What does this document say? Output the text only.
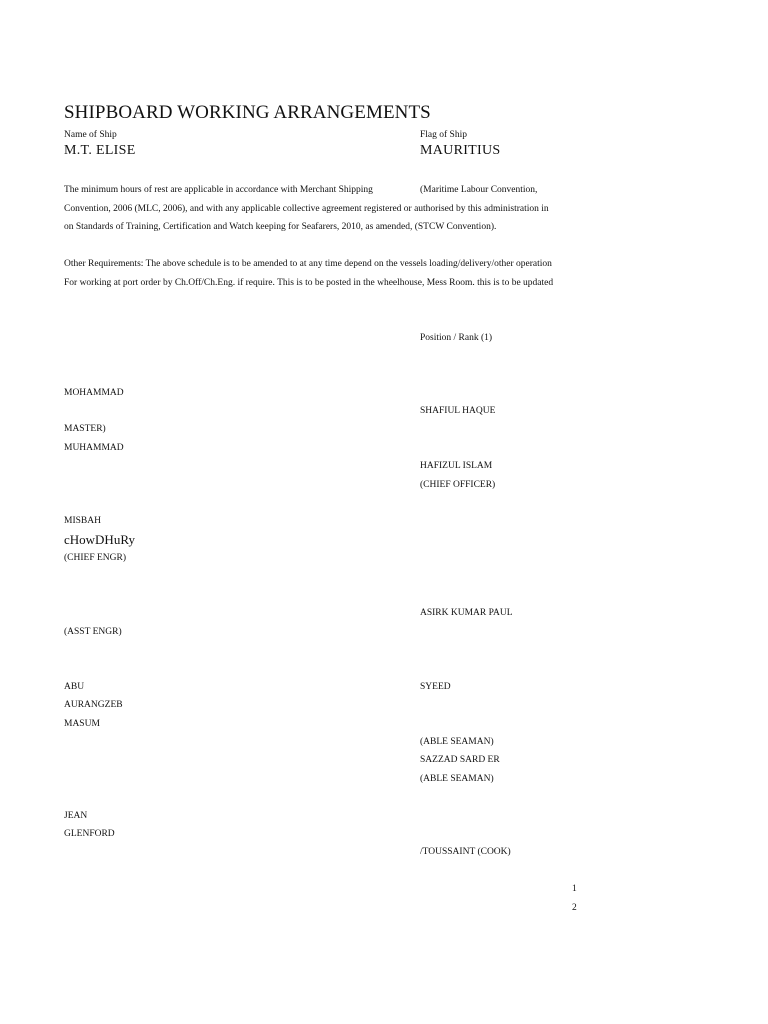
SHIPBOARD WORKING ARRANGEMENTS
Name of Ship
M.T. ELISE
Flag of Ship
MAURITIUS
The minimum hours of rest are applicable in accordance with Merchant Shipping	(Maritime Labour Convention,
Convention, 2006 (MLC, 2006), and with any applicable collective agreement registered or authorised by this administration in
on Standards of Training, Certification and Watch keeping for Seafarers, 2010, as amended, (STCW Convention).
Other Requirements: The above schedule is to be amended to at any time depend on the vessels loading/delivery/other operation
For working at port order by Ch.Off/Ch.Eng. if require. This is to be posted in the wheelhouse, Mess Room. this is to be updated
Position / Rank (1)
MOHAMMAD
MASTER)
MUHAMMAD
MISBAH
cHowDHuRy
(CHIEF ENGR)
(ASST ENGR)
ABU
AURANGZEB
MASUM
JEAN
GLENFORD
SHAFIUL HAQUE
HAFIZUL ISLAM
(CHIEF OFFICER)
ASIRK KUMAR PAUL
SYEED
(ABLE SEAMAN)
SAZZAD SARD ER
(ABLE SEAMAN)
/TOUSSAINT (COOK)
1
2
